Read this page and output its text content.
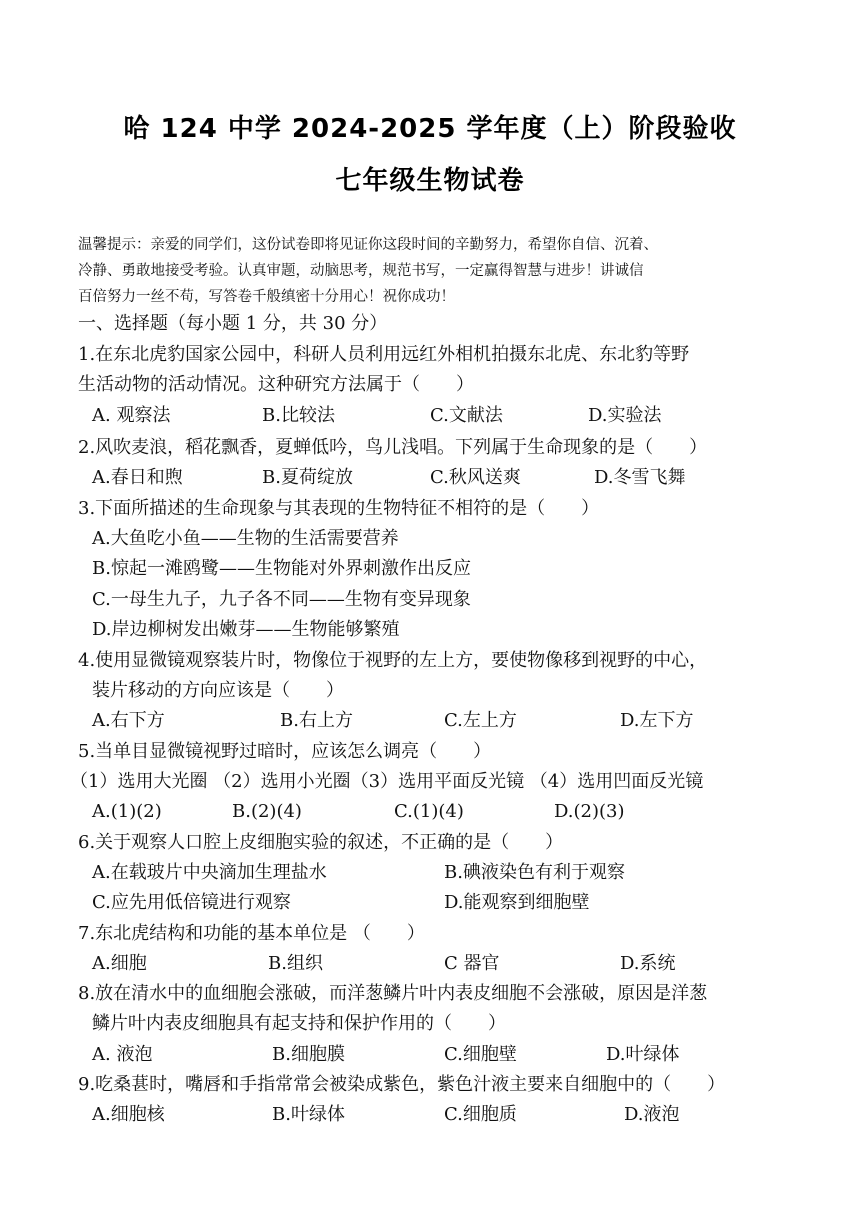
哈 124 中学 2024-2025 学年度（上）阶段验收
七年级生物试卷

温馨提示：亲爱的同学们，这份试卷即将见证你这段时间的辛勤努力，希望你自信、沉着、

冷静、勇敢地接受考验。认真审题，动脑思考，规范书写，一定赢得智慧与进步！讲诚信

百倍努力一丝不苟，写答卷千般缜密十分用心！祝你成功！

一、选择题（每小题 1 分，共 30 分）
1.在东北虎豹国家公园中，科研人员利用远红外相机拍摄东北虎、东北豹等野
生活动物的活动情况。这种研究方法属于（　　）
A. 观察法	B.比较法	C.文献法	D.实验法
2.风吹麦浪，稻花飘香，夏蝉低吟，鸟儿浅唱。下列属于生命现象的是（　　）
A.春日和煦	B.夏荷绽放	C.秋风送爽	D.冬雪飞舞
3.下面所描述的生命现象与其表现的生物特征不相符的是（　　）
A.大鱼吃小鱼——生物的生活需要营养
B.惊起一滩鸥鹭——生物能对外界刺激作出反应
C.一母生九子，九子各不同——生物有变异现象
D.岸边柳树发出嫩芽——生物能够繁殖
4.使用显微镜观察装片时，物像位于视野的左上方，要使物像移到视野的中心，
装片移动的方向应该是（　　）
A.右下方	B.右上方	C.左上方	D.左下方
5.当单目显微镜视野过暗时，应该怎么调亮（　　）
（1）选用大光圈 （2）选用小光圈（3）选用平面反光镜 （4）选用凹面反光镜
A.(1)(2)	B.(2)(4)	C.(1)(4)	D.(2)(3)
6.关于观察人口腔上皮细胞实验的叙述，不正确的是（　　）
A.在载玻片中央滴加生理盐水	B.碘液染色有利于观察
C.应先用低倍镜进行观察	D.能观察到细胞壁
7.东北虎结构和功能的基本单位是 （　　）
A.细胞	B.组织	C 器官	D.系统
8.放在清水中的血细胞会涨破，而洋葱鳞片叶内表皮细胞不会涨破，原因是洋葱
鳞片叶内表皮细胞具有起支持和保护作用的（　　）
A. 液泡	B.细胞膜	C.细胞壁	D.叶绿体
9.吃桑葚时，嘴唇和手指常常会被染成紫色，紫色汁液主要来自细胞中的（　　）
A.细胞核	B.叶绿体	C.细胞质	D.液泡
